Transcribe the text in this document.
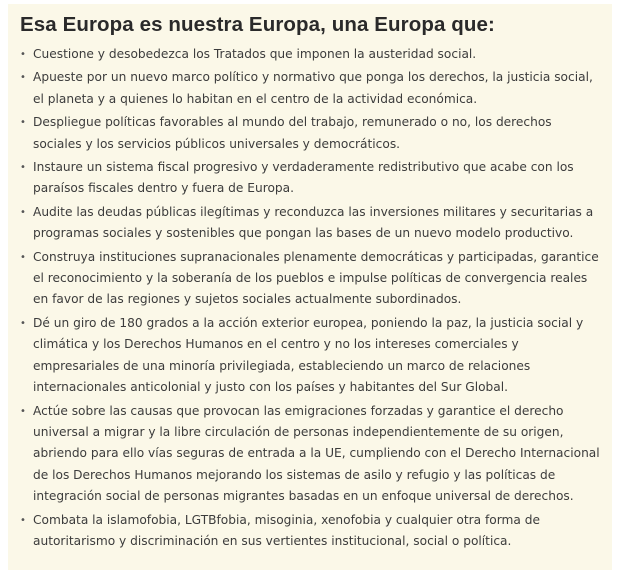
Esa Europa es nuestra Europa, una Europa que:
• Cuestione y desobedezca los Tratados que imponen la austeridad social.
• Apueste por un nuevo marco político y normativo que ponga los derechos, la justicia social, el planeta y a quienes lo habitan en el centro de la actividad económica.
• Despliegue políticas favorables al mundo del trabajo, remunerado o no, los derechos sociales y los servicios públicos universales y democráticos.
• Instaure un sistema fiscal progresivo y verdaderamente redistributivo que acabe con los paraísos fiscales dentro y fuera de Europa.
• Audite las deudas públicas ilegítimas y reconduzca las inversiones militares y securitarias a programas sociales y sostenibles que pongan las bases de un nuevo modelo productivo.
• Construya instituciones supranacionales plenamente democráticas y participadas, garantice el reconocimiento y la soberanía de los pueblos e impulse políticas de convergencia reales en favor de las regiones y sujetos sociales actualmente subordinados.
• Dé un giro de 180 grados a la acción exterior europea, poniendo la paz, la justicia social y climática y los Derechos Humanos en el centro y no los intereses comerciales y empresariales de una minoría privilegiada, estableciendo un marco de relaciones internacionales anticolonial y justo con los países y habitantes del Sur Global.
• Actúe sobre las causas que provocan las emigraciones forzadas y garantice el derecho universal a migrar y la libre circulación de personas independientemente de su origen, abriendo para ello vías seguras de entrada a la UE, cumpliendo con el Derecho Internacional de los Derechos Humanos mejorando los sistemas de asilo y refugio y las políticas de integración social de personas migrantes basadas en un enfoque universal de derechos.
• Combata la islamofobia, LGTBfobia, misoginia, xenofobia y cualquier otra forma de autoritarismo y discriminación en sus vertientes institucional, social o política.
